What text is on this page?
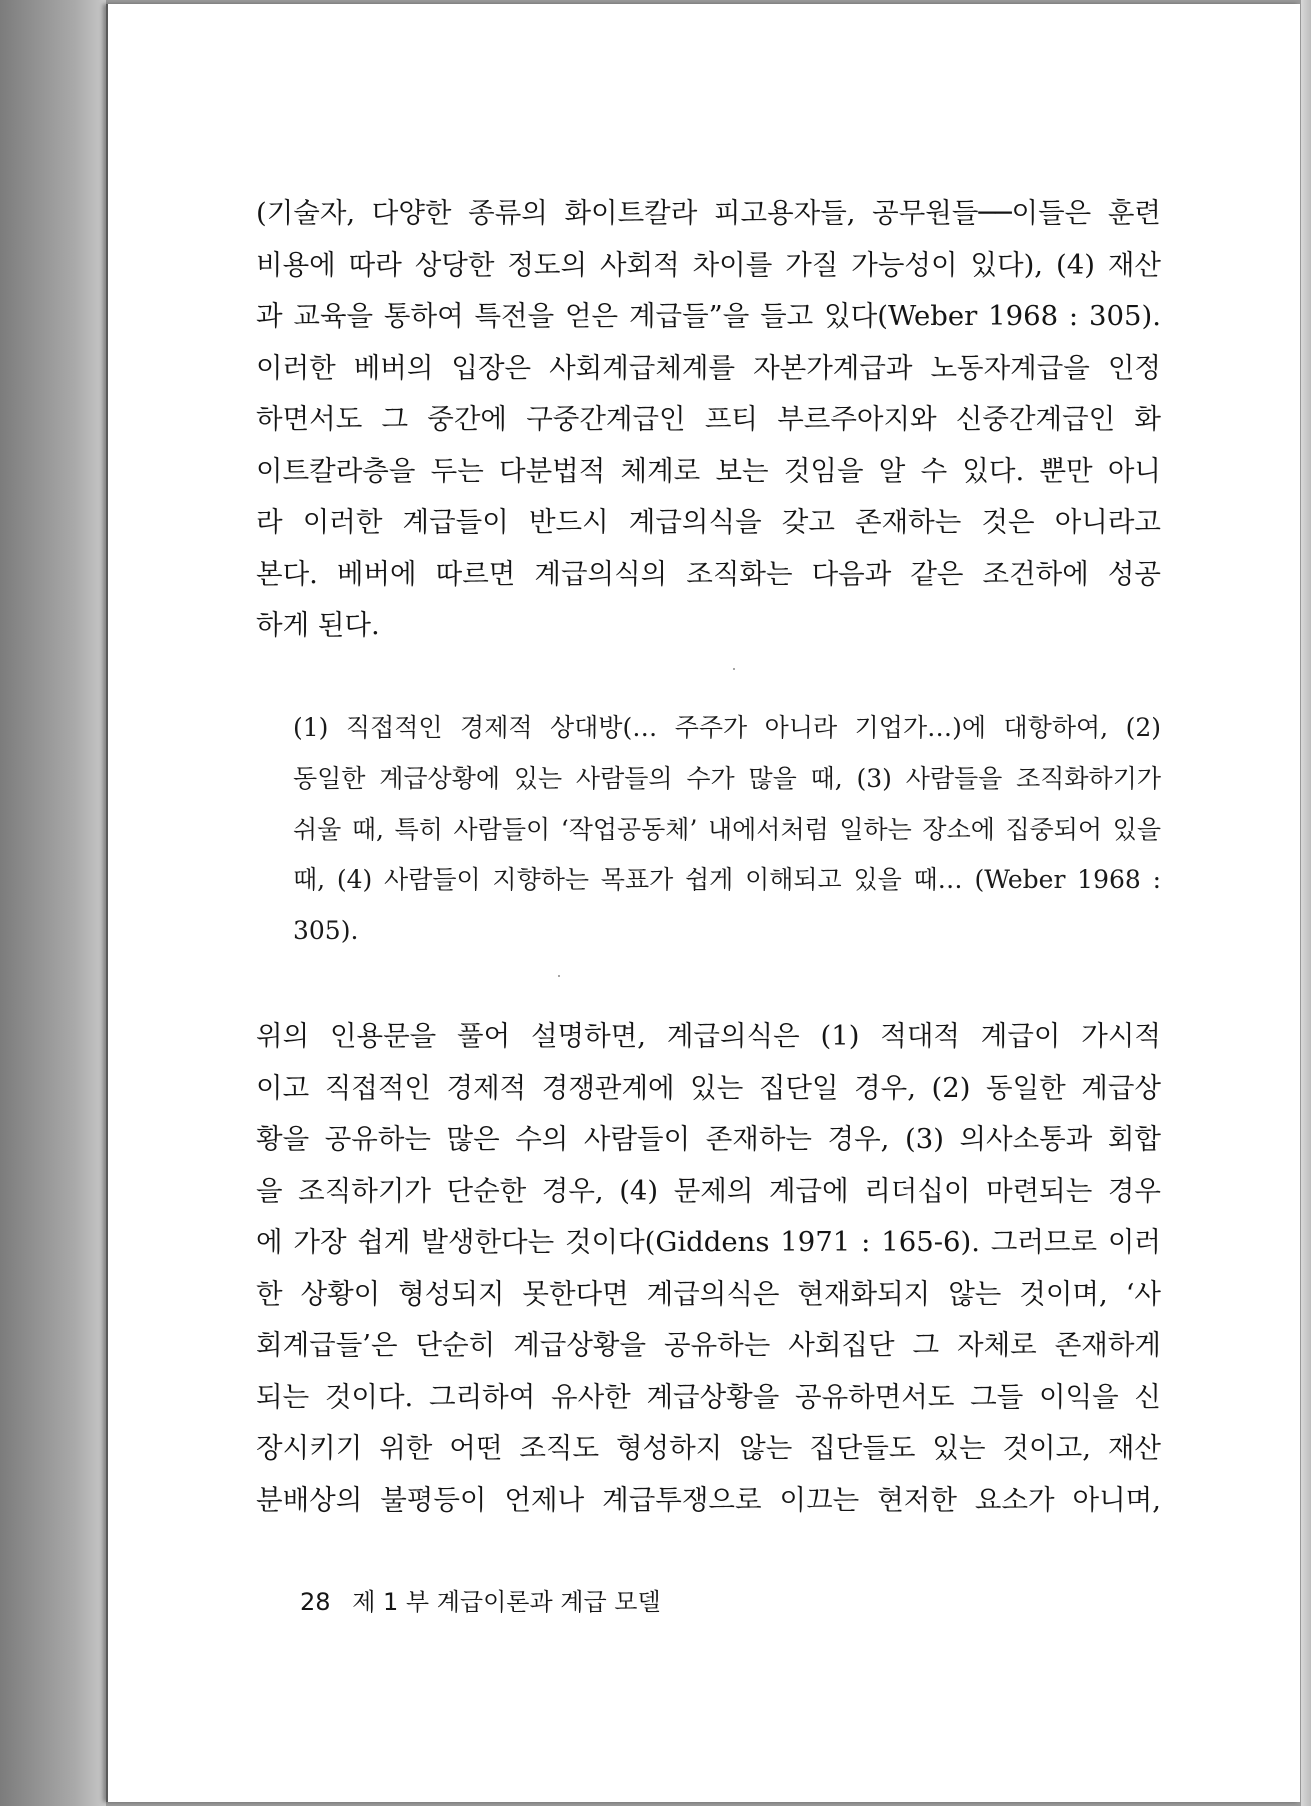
(기술자, 다양한 종류의 화이트칼라 피고용자들, 공무원들──이들은 훈련
비용에 따라 상당한 정도의 사회적 차이를 가질 가능성이 있다), (4) 재산
과 교육을 통하여 특전을 얻은 계급들”을 들고 있다(Weber 1968 : 305).
이러한 베버의 입장은 사회계급체계를 자본가계급과 노동자계급을 인정
하면서도 그 중간에 구중간계급인 프티 부르주아지와 신중간계급인 화
이트칼라층을 두는 다분법적 체계로 보는 것임을 알 수 있다. 뿐만 아니
라 이러한 계급들이 반드시 계급의식을 갖고 존재하는 것은 아니라고
본다. 베버에 따르면 계급의식의 조직화는 다음과 같은 조건하에 성공
하게 된다.
(1) 직접적인 경제적 상대방(… 주주가 아니라 기업가…)에 대항하여, (2)
동일한 계급상황에 있는 사람들의 수가 많을 때, (3) 사람들을 조직화하기가
쉬울 때, 특히 사람들이 ‘작업공동체’ 내에서처럼 일하는 장소에 집중되어 있을
때, (4) 사람들이 지향하는 목표가 쉽게 이해되고 있을 때… (Weber 1968 :
305).
위의 인용문을 풀어 설명하면, 계급의식은 (1) 적대적 계급이 가시적
이고 직접적인 경제적 경쟁관계에 있는 집단일 경우, (2) 동일한 계급상
황을 공유하는 많은 수의 사람들이 존재하는 경우, (3) 의사소통과 회합
을 조직하기가 단순한 경우, (4) 문제의 계급에 리더십이 마련되는 경우
에 가장 쉽게 발생한다는 것이다(Giddens 1971 : 165-6). 그러므로 이러
한 상황이 형성되지 못한다면 계급의식은 현재화되지 않는 것이며, ‘사
회계급들’은 단순히 계급상황을 공유하는 사회집단 그 자체로 존재하게
되는 것이다. 그리하여 유사한 계급상황을 공유하면서도 그들 이익을 신
장시키기 위한 어떤 조직도 형성하지 않는 집단들도 있는 것이고, 재산
분배상의 불평등이 언제나 계급투쟁으로 이끄는 현저한 요소가 아니며,
28 제 1 부 계급이론과 계급 모델
